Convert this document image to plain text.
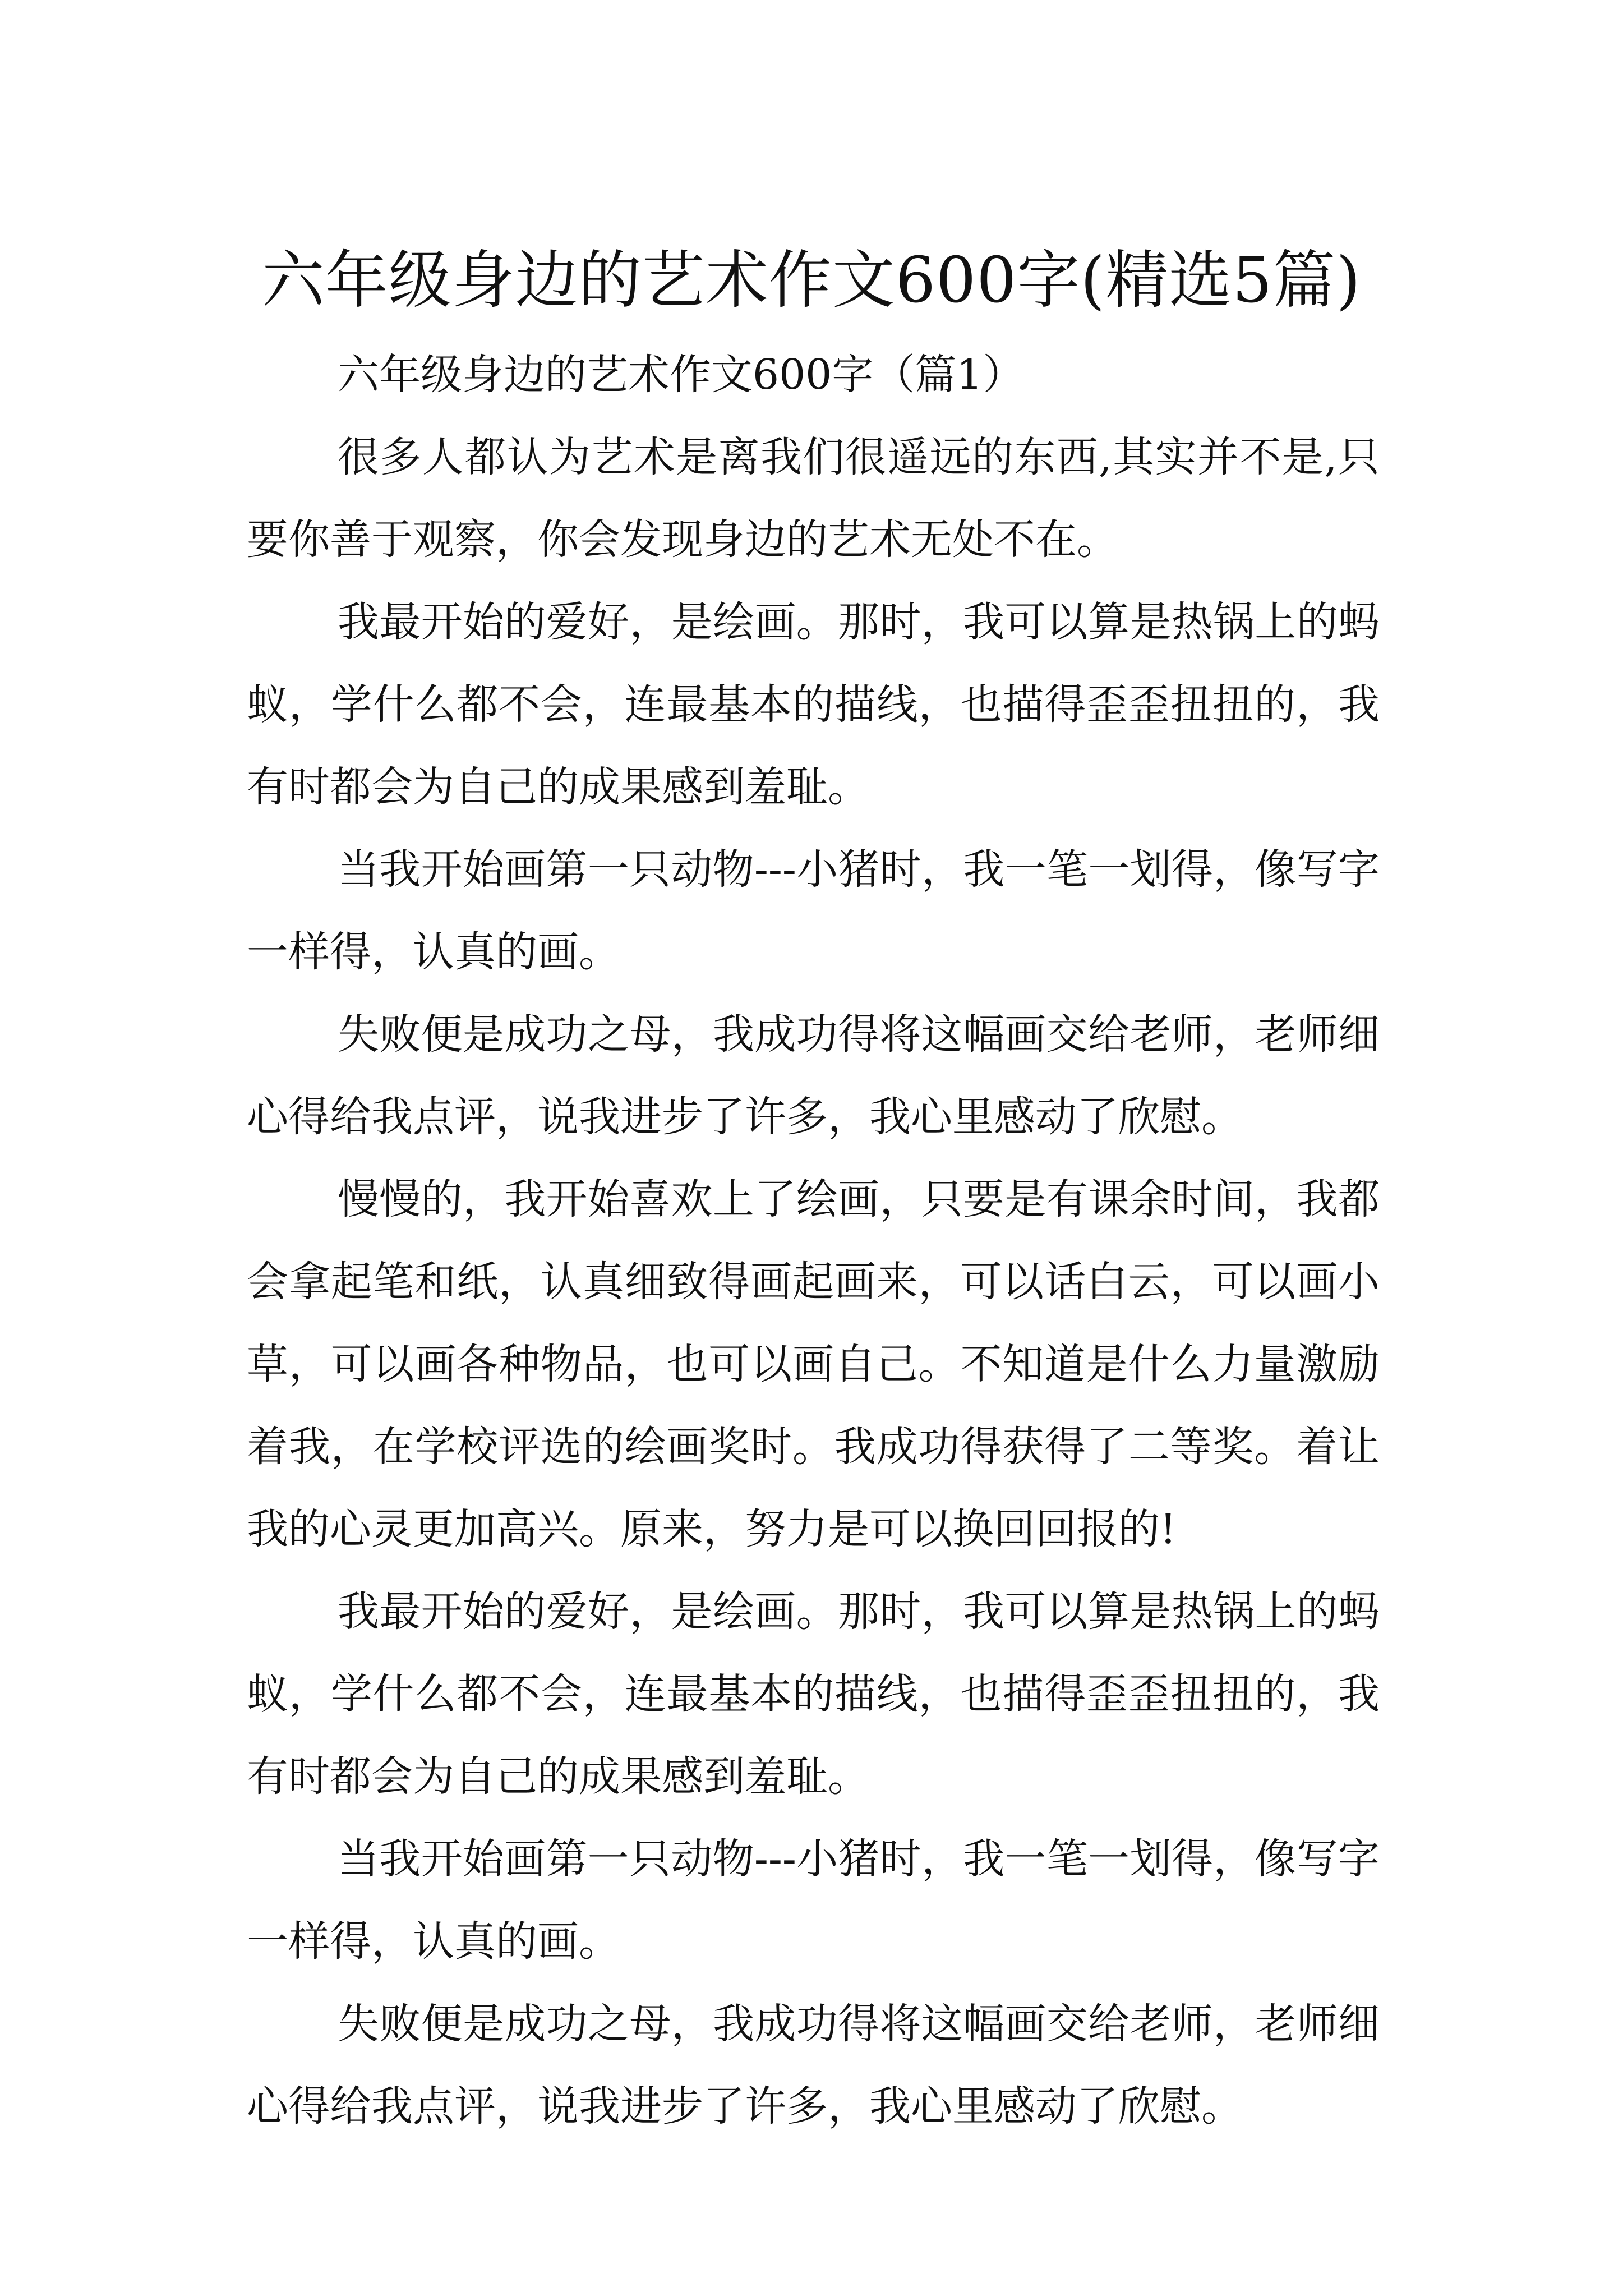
六年级身边的艺术作文600字(精选5篇)

六年级身边的艺术作文600字（篇1）

很多人都认为艺术是离我们很遥远的东西,其实并不是,只要你善于观察，你会发现身边的艺术无处不在。

我最开始的爱好，是绘画。那时，我可以算是热锅上的蚂蚁，学什么都不会，连最基本的描线，也描得歪歪扭扭的，我有时都会为自己的成果感到羞耻。

当我开始画第一只动物---小猪时，我一笔一划得，像写字一样得，认真的画。

失败便是成功之母，我成功得将这幅画交给老师，老师细心得给我点评，说我进步了许多，我心里感动了欣慰。

慢慢的，我开始喜欢上了绘画，只要是有课余时间，我都会拿起笔和纸，认真细致得画起画来，可以话白云，可以画小草，可以画各种物品，也可以画自己。不知道是什么力量激励着我，在学校评选的绘画奖时。我成功得获得了二等奖。着让我的心灵更加高兴。原来，努力是可以换回回报的!

我最开始的爱好，是绘画。那时，我可以算是热锅上的蚂蚁，学什么都不会，连最基本的描线，也描得歪歪扭扭的，我有时都会为自己的成果感到羞耻。

当我开始画第一只动物---小猪时，我一笔一划得，像写字一样得，认真的画。

失败便是成功之母，我成功得将这幅画交给老师，老师细心得给我点评，说我进步了许多，我心里感动了欣慰。
